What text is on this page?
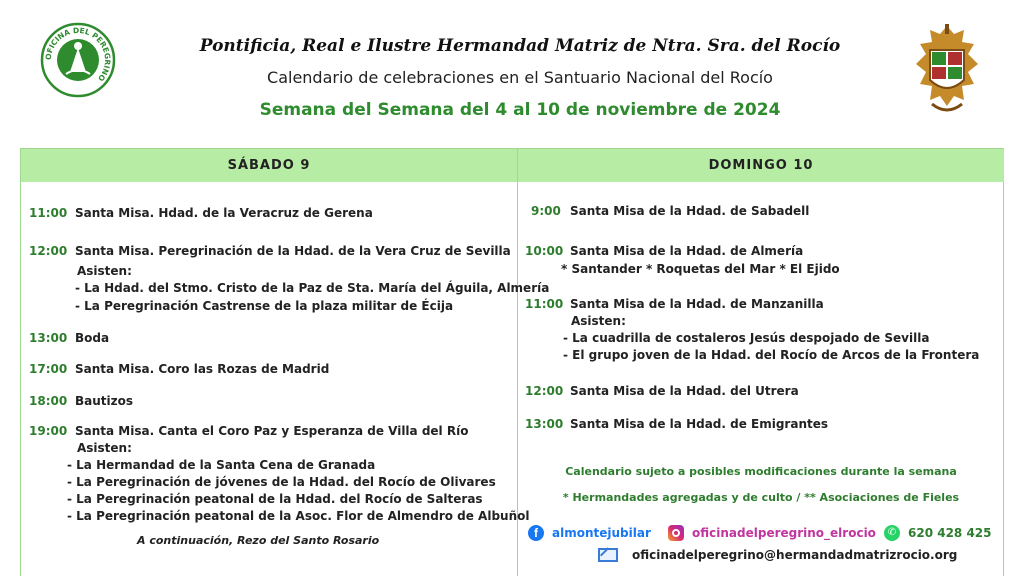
OFICINA DEL PEREGRINO
Pontificia, Real e Ilustre Hermandad Matriz de Ntra. Sra. del Rocío
Calendario de celebraciones en el Santuario Nacional del Rocío
Semana del Semana del 4 al 10 de noviembre de 2024
SÁBADO 9	DOMINGO 10
11:00 Santa Misa. Hdad. de la Veracruz de Gerena
12:00 Santa Misa. Peregrinación de la Hdad. de la Vera Cruz de Sevilla
Asisten:
- La Hdad. del Stmo. Cristo de la Paz de Sta. María del Águila, Almería
- La Peregrinación Castrense de la plaza militar de Écija
13:00 Boda
17:00 Santa Misa. Coro las Rozas de Madrid
18:00 Bautizos
19:00 Santa Misa. Canta el Coro Paz y Esperanza de Villa del Río
Asisten:
- La Hermandad de la Santa Cena de Granada
- La Peregrinación de jóvenes de la Hdad. del Rocío de Olivares
- La Peregrinación peatonal de la Hdad. del Rocío de Salteras
- La Peregrinación peatonal de la Asoc. Flor de Almendro de Albuñol
A continuación, Rezo del Santo Rosario
9:00 Santa Misa de la Hdad. de Sabadell
10:00 Santa Misa de la Hdad. de Almería
* Santander * Roquetas del Mar * El Ejido
11:00 Santa Misa de la Hdad. de Manzanilla
Asisten:
- La cuadrilla de costaleros Jesús despojado de Sevilla
- El grupo joven de la Hdad. del Rocío de Arcos de la Frontera
12:00 Santa Misa de la Hdad. del Utrera
13:00 Santa Misa de la Hdad. de Emigrantes
Calendario sujeto a posibles modificaciones durante la semana
* Hermandades agregadas y de culto / ** Asociaciones de Fieles
f	almontejubilar	oficinadelperegrino_elrocio	✆ 620 428 425
oficinadelperegrino@hermandadmatrizrocio.org
